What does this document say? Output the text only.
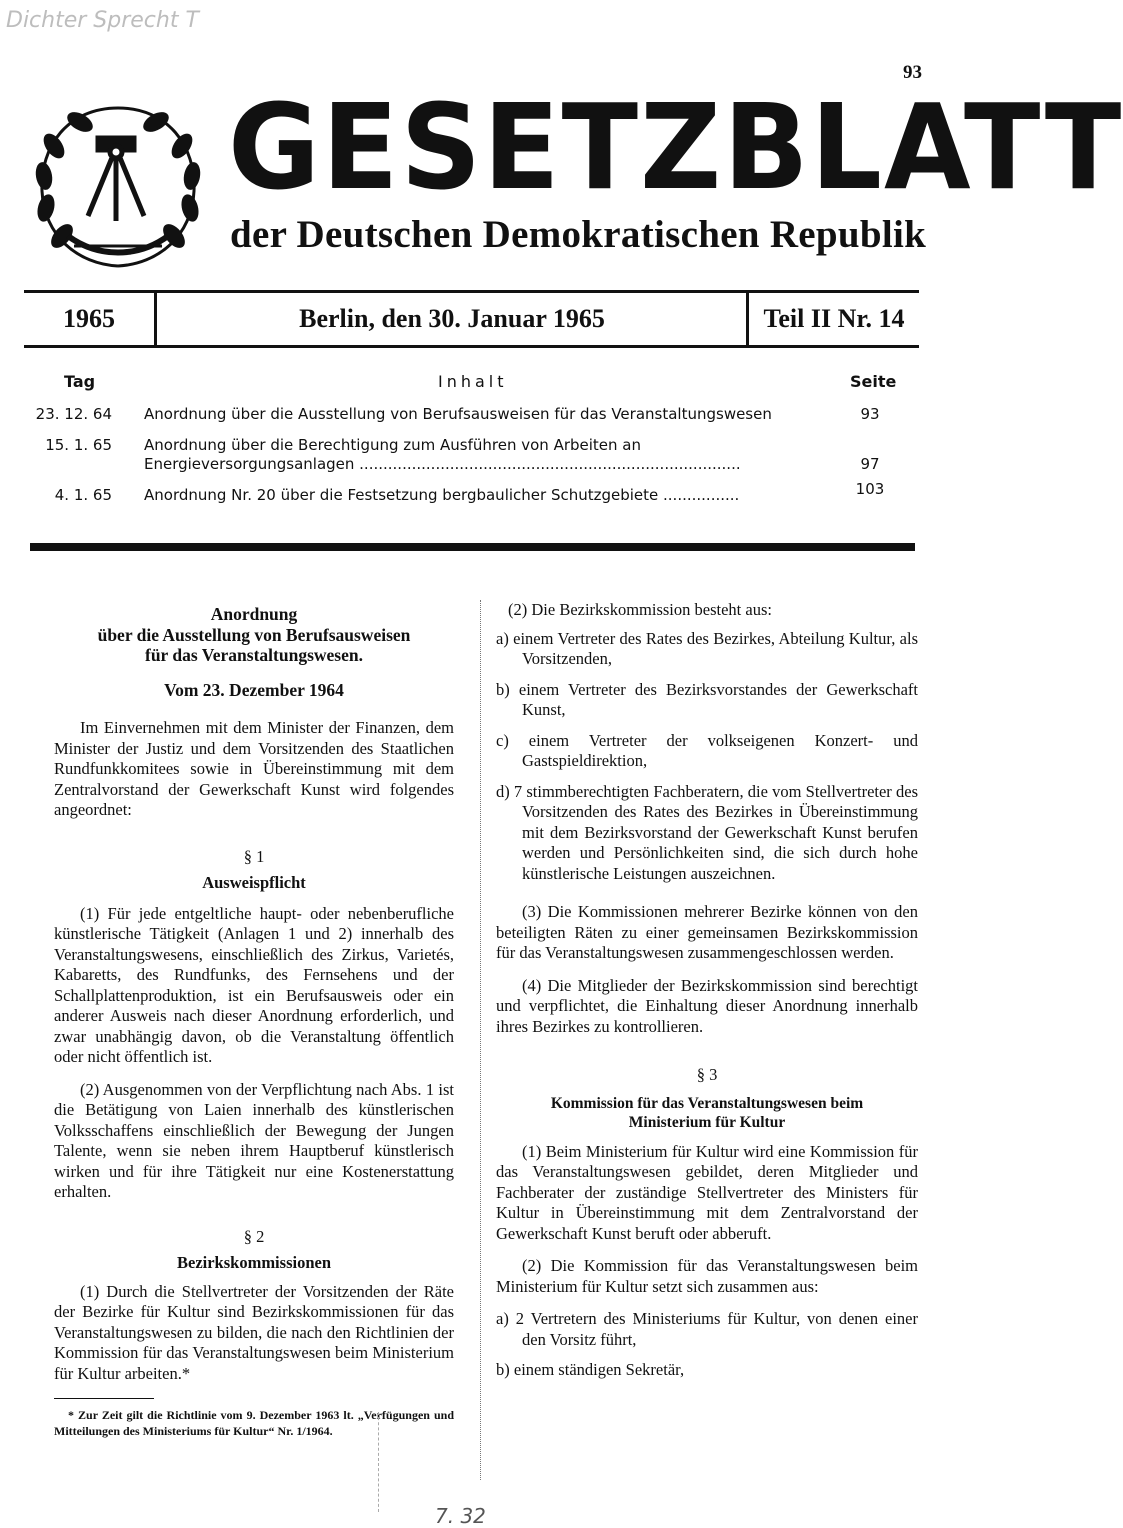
Dichter Sprecht T
93
GESETZBLATT
der Deutschen Demokratischen Republik
1965	Berlin, den 30. Januar 1965	Teil II Nr. 14
Tag	Inhalt	Seite
23. 12. 64 Anordnung über die Ausstellung von Berufsausweisen für das Veranstaltungswesen	93
15. 1. 65 Anordnung über die Berechtigung zum Ausführen von Arbeiten an Energieversorgungsanlagen ................................................................................	97
4. 1. 65 Anordnung Nr. 20 über die Festsetzung bergbaulicher Schutzgebiete ................	103
Anordnung
über die Ausstellung von Berufsausweisen
für das Veranstaltungswesen.
Vom 23. Dezember 1964

Im Einvernehmen mit dem Minister der Finanzen, dem Minister der Justiz und dem Vorsitzenden des Staatlichen Rundfunkkomitees sowie in Übereinstimmung mit dem Zentralvorstand der Gewerkschaft Kunst wird folgendes angeordnet:

§ 1
Ausweispflicht

(1) Für jede entgeltliche haupt- oder nebenberufliche künstlerische Tätigkeit (Anlagen 1 und 2) innerhalb des Veranstaltungswesens, einschließlich des Zirkus, Varietés, Kabaretts, des Rundfunks, des Fernsehens und der Schallplattenproduktion, ist ein Berufsausweis oder ein anderer Ausweis nach dieser Anordnung erforderlich, und zwar unabhängig davon, ob die Veranstaltung öffentlich oder nicht öffentlich ist.

(2) Ausgenommen von der Verpflichtung nach Abs. 1 ist die Betätigung von Laien innerhalb des künstlerischen Volksschaffens einschließlich der Bewegung der Jungen Talente, wenn sie neben ihrem Hauptberuf künstlerisch wirken und für ihre Tätigkeit nur eine Kostenerstattung erhalten.

§ 2
Bezirkskommissionen

(1) Durch die Stellvertreter der Vorsitzenden der Räte der Bezirke für Kultur sind Bezirkskommissionen für das Veranstaltungswesen zu bilden, die nach den Richtlinien der Kommission für das Veranstaltungswesen beim Ministerium für Kultur arbeiten.*

* Zur Zeit gilt die Richtlinie vom 9. Dezember 1963 lt. „Verfügungen und Mitteilungen des Ministeriums für Kultur“ Nr. 1/1964.

(2) Die Bezirkskommission besteht aus:

a) einem Vertreter des Rates des Bezirkes, Abteilung Kultur, als Vorsitzenden,

b) einem Vertreter des Bezirksvorstandes der Gewerkschaft Kunst,

c) einem Vertreter der volkseigenen Konzert- und Gastspieldirektion,

d) 7 stimmberechtigten Fachberatern, die vom Stellvertreter des Vorsitzenden des Rates des Bezirkes in Übereinstimmung mit dem Bezirksvorstand der Gewerkschaft Kunst berufen werden und Persönlichkeiten sind, die sich durch hohe künstlerische Leistungen auszeichnen.

(3) Die Kommissionen mehrerer Bezirke können von den beteiligten Räten zu einer gemeinsamen Bezirkskommission für das Veranstaltungswesen zusammengeschlossen werden.

(4) Die Mitglieder der Bezirkskommission sind berechtigt und verpflichtet, die Einhaltung dieser Anordnung innerhalb ihres Bezirkes zu kontrollieren.

§ 3
Kommission für das Veranstaltungswesen beim
Ministerium für Kultur

(1) Beim Ministerium für Kultur wird eine Kommission für das Veranstaltungswesen gebildet, deren Mitglieder und Fachberater der zuständige Stellvertreter des Ministers für Kultur in Übereinstimmung mit dem Zentralvorstand der Gewerkschaft Kunst beruft oder abberuft.

(2) Die Kommission für das Veranstaltungswesen beim Ministerium für Kultur setzt sich zusammen aus:

a) 2 Vertretern des Ministeriums für Kultur, von denen einer den Vorsitz führt,

b) einem ständigen Sekretär,

7. 32
